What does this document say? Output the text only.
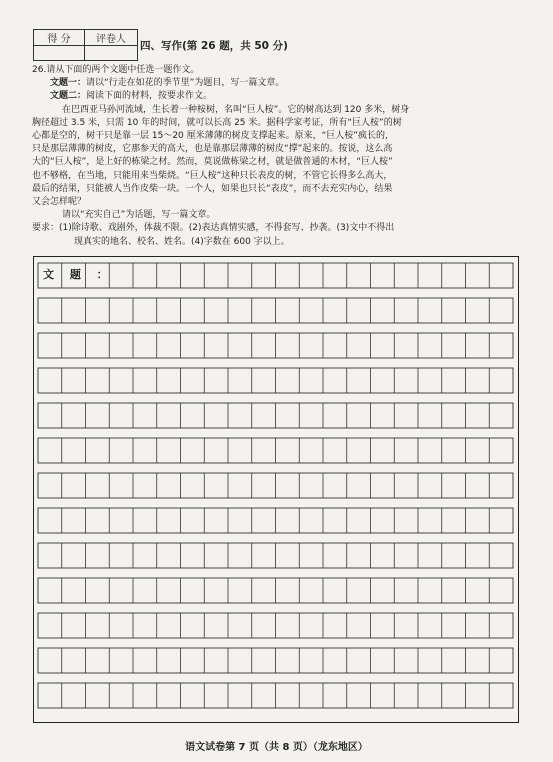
得 分	评卷人

四、写作(第 26 题，共 50 分)

26.请从下面的两个文题中任选一题作文。

文题一：请以“行走在如花的季节里”为题目，写一篇文章。

文题二：阅读下面的材料，按要求作文。

在巴西亚马孙河流域，生长着一种桉树，名叫“巨人桉”。它的树高达到 120 多米，树身

胸径超过 3.5 米，只需 10 年的时间，就可以长高 25 米。据科学家考证，所有“巨人桉”的树

心都是空的，树干只是靠一层 15～20 厘米薄薄的树皮支撑起来。原来，“巨人桉”疯长的，

只是那层薄薄的树皮，它那参天的高大，也是靠那层薄薄的树皮“撑”起来的。按说，这么高

大的“巨人桉”，是上好的栋梁之材。然而，莫说做栋梁之材，就是做普通的木材，“巨人桉”

也不够格，在当地，只能用来当柴烧。“巨人桉”这种只长表皮的树，不管它长得多么高大，

最后的结果，只能被人当作皮柴一块。一个人，如果也只长“表皮”，而不去充实内心，结果

又会怎样呢？

请以“充实自己”为话题，写一篇文章。

要求：(1)除诗歌、戏剧外，体裁不限。(2)表达真情实感，不得套写、抄袭。(3)文中不得出

现真实的地名、校名、姓名。(4)字数在 600 字以上。

文 题 ：
语文试卷第 7 页（共 8 页）（龙东地区）
